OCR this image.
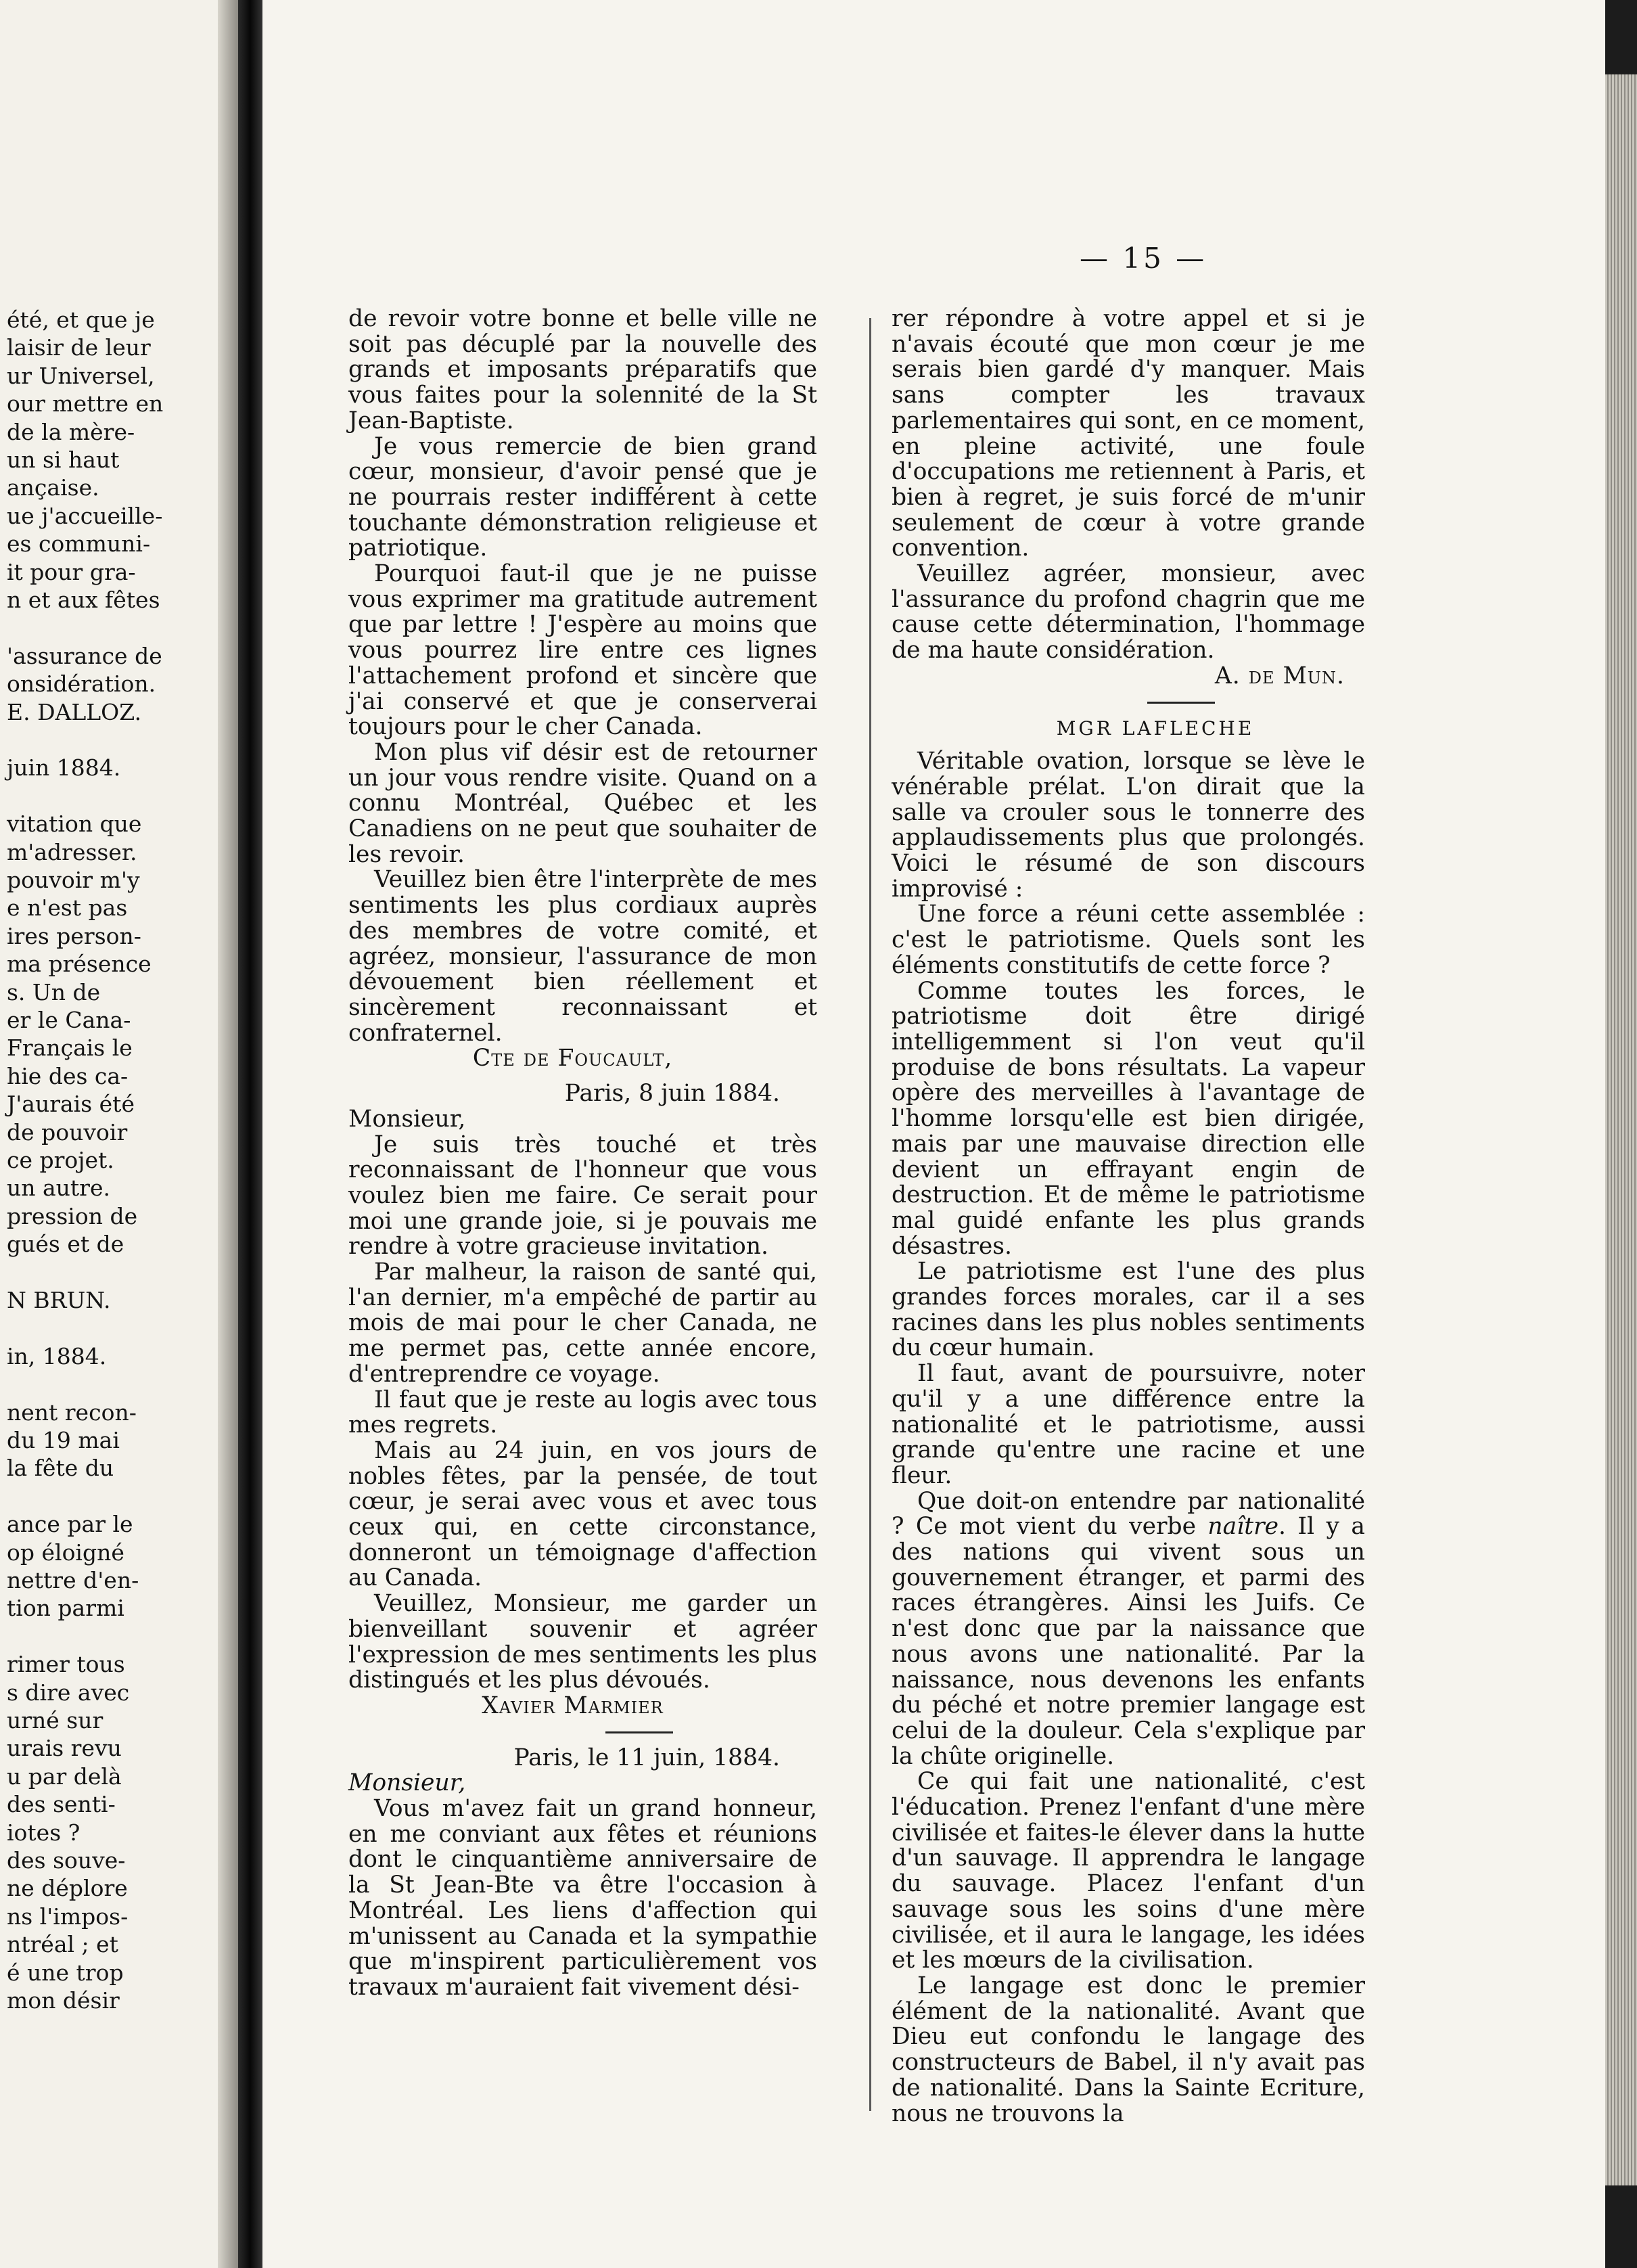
été, et que je
laisir de leur
ur Universel,
our mettre en
de la mère-
un si haut
ançaise.
ue j'accueille-
es communi-
it pour gra-
n et aux fêtes
'assurance de
onsidération.
E. DALLOZ.
juin 1884.
vitation que
m'adresser.
pouvoir m'y
e n'est pas
ires person-
ma présence
s. Un de
er le Cana-
Français le
hie des ca-
J'aurais été
de pouvoir
ce projet.
un autre.
pression de
gués et de
N BRUN.
in, 1884.
nent recon-
du 19 mai
la fête du
ance par le
op éloigné
nettre d'en-
tion parmi
rimer tous
s dire avec
urné sur
urais revu
u par delà
des senti-
iotes ?
des souve-
ne déplore
ns l'impos-
ntréal ; et
é une trop
mon désir
— 15 —

de revoir votre bonne et belle ville ne soit pas décuplé par la nouvelle des grands et imposants préparatifs que vous faites pour la solennité de la St Jean-Baptiste.

Je vous remercie de bien grand cœur, monsieur, d'avoir pensé que je ne pourrais rester indifférent à cette touchante démonstration religieuse et patriotique.

Pourquoi faut-il que je ne puisse vous exprimer ma gratitude autrement que par lettre ! J'espère au moins que vous pourrez lire entre ces lignes l'attachement profond et sincère que j'ai conservé et que je conserverai toujours pour le cher Canada.

Mon plus vif désir est de retourner un jour vous rendre visite. Quand on a connu Montréal, Québec et les Canadiens on ne peut que souhaiter de les revoir.

Veuillez bien être l'interprète de mes sentiments les plus cordiaux auprès des membres de votre comité, et agréez, monsieur, l'assurance de mon dévouement bien réellement et sincèrement reconnaissant et confraternel.

Cte de Foucault,

Paris, 8 juin 1884.

Monsieur,

Je suis très touché et très reconnaissant de l'honneur que vous voulez bien me faire. Ce serait pour moi une grande joie, si je pouvais me rendre à votre gracieuse invitation.

Par malheur, la raison de santé qui, l'an dernier, m'a empêché de partir au mois de mai pour le cher Canada, ne me permet pas, cette année encore, d'entreprendre ce voyage.

Il faut que je reste au logis avec tous mes regrets.

Mais au 24 juin, en vos jours de nobles fêtes, par la pensée, de tout cœur, je serai avec vous et avec tous ceux qui, en cette circonstance, donneront un témoignage d'affection au Canada.

Veuillez, Monsieur, me garder un bienveillant souvenir et agréer l'expression de mes sentiments les plus distingués et les plus dévoués.

Xavier Marmier

Paris, le 11 juin, 1884.

Monsieur,

Vous m'avez fait un grand honneur, en me conviant aux fêtes et réunions dont le cinquantième anniversaire de la St Jean-Bte va être l'occasion à Montréal. Les liens d'affection qui m'unissent au Canada et la sympathie que m'inspirent particulièrement vos travaux m'auraient fait vivement dési-

rer répondre à votre appel et si je n'avais écouté que mon cœur je me serais bien gardé d'y manquer. Mais sans compter les travaux parlementaires qui sont, en ce moment, en pleine activité, une foule d'occupations me retiennent à Paris, et bien à regret, je suis forcé de m'unir seulement de cœur à votre grande convention.

Veuillez agréer, monsieur, avec l'assurance du profond chagrin que me cause cette détermination, l'hommage de ma haute considération.

A. de Mun.

MGR LAFLECHE

Véritable ovation, lorsque se lève le vénérable prélat. L'on dirait que la salle va crouler sous le tonnerre des applaudissements plus que prolongés. Voici le résumé de son discours improvisé :

Une force a réuni cette assemblée : c'est le patriotisme. Quels sont les éléments constitutifs de cette force ?

Comme toutes les forces, le patriotisme doit être dirigé intelligemment si l'on veut qu'il produise de bons résultats. La vapeur opère des merveilles à l'avantage de l'homme lorsqu'elle est bien dirigée, mais par une mauvaise direction elle devient un effrayant engin de destruction. Et de même le patriotisme mal guidé enfante les plus grands désastres.

Le patriotisme est l'une des plus grandes forces morales, car il a ses racines dans les plus nobles sentiments du cœur humain.

Il faut, avant de poursuivre, noter qu'il y a une différence entre la nationalité et le patriotisme, aussi grande qu'entre une racine et une fleur.

Que doit-on entendre par nationalité ? Ce mot vient du verbe naître. Il y a des nations qui vivent sous un gouvernement étranger, et parmi des races étrangères. Ainsi les Juifs. Ce n'est donc que par la naissance que nous avons une nationalité. Par la naissance, nous devenons les enfants du péché et notre premier langage est celui de la douleur. Cela s'explique par la chûte originelle.

Ce qui fait une nationalité, c'est l'éducation. Prenez l'enfant d'une mère civilisée et faites-le élever dans la hutte d'un sauvage. Il apprendra le langage du sauvage. Placez l'enfant d'un sauvage sous les soins d'une mère civilisée, et il aura le langage, les idées et les mœurs de la civilisation.

Le langage est donc le premier élément de la nationalité. Avant que Dieu eut confondu le langage des constructeurs de Babel, il n'y avait pas de nationalité. Dans la Sainte Ecriture, nous ne trouvons la
